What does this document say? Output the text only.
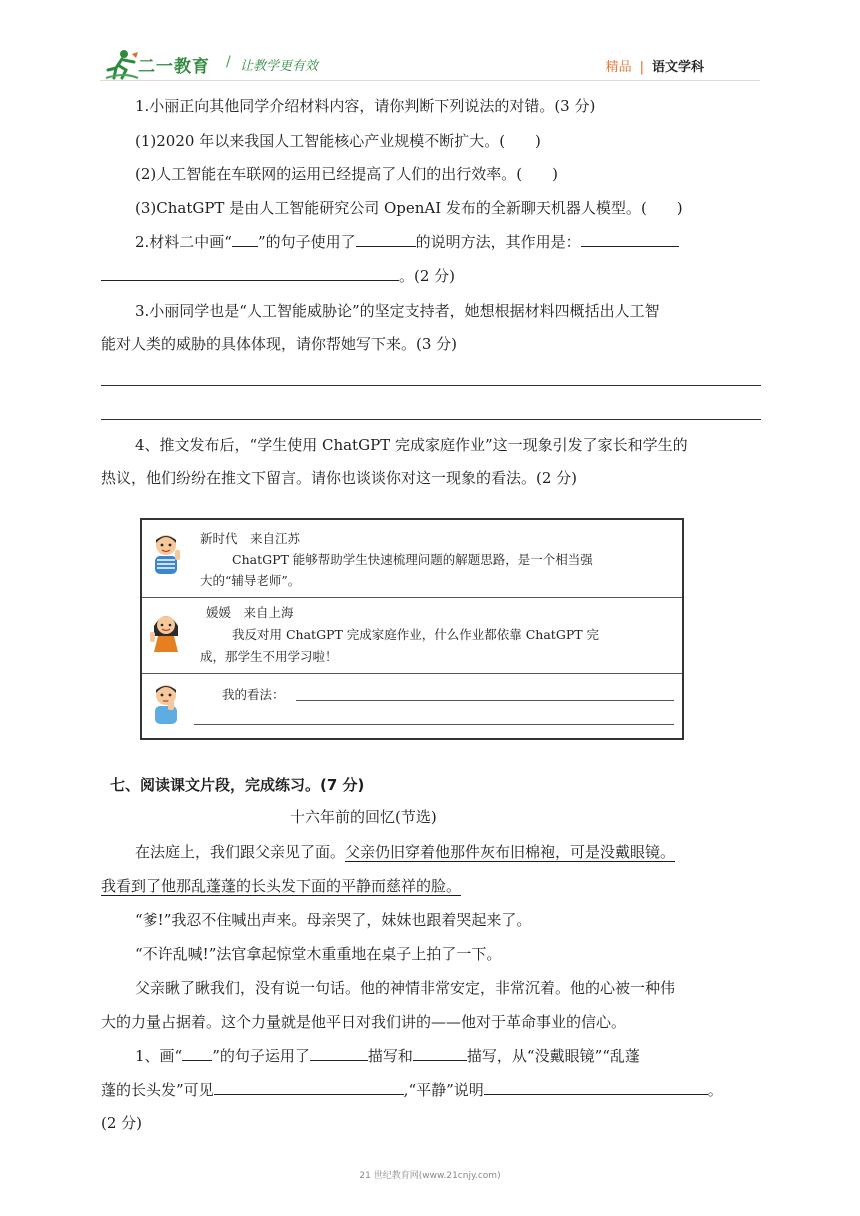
二一教育 / 让教学更有效	精品 | 语文学科
1.小丽正向其他同学介绍材料内容，请你判断下列说法的对错。(3 分)
(1)2020 年以来我国人工智能核心产业规模不断扩大。(　　)
(2)人工智能在车联网的运用已经提高了人们的出行效率。(　　)
(3)ChatGPT 是由人工智能研究公司 OpenAI 发布的全新聊天机器人模型。(　　)
2.材料二中画“ ”的句子使用了	的说明方法，其作用是：
。(2 分)
3.小丽同学也是“人工智能威胁论”的坚定支持者，她想根据材料四概括出人工智
能对人类的威胁的具体体现，请你帮她写下来。(3 分)
4、推文发布后，“学生使用 ChatGPT 完成家庭作业”这一现象引发了家长和学生的
热议，他们纷纷在推文下留言。请你也谈谈你对这一现象的看法。(2 分)
新时代　来自江苏
ChatGPT 能够帮助学生快速梳理问题的解题思路，是一个相当强
大的“辅导老师”。
媛媛　来自上海
我反对用 ChatGPT 完成家庭作业，什么作业都依靠 ChatGPT 完
成，那学生不用学习啦！
我的看法：
七、阅读课文片段，完成练习。(7 分)
十六年前的回忆(节选)
在法庭上，我们跟父亲见了面。父亲仍旧穿着他那件灰布旧棉袍，可是没戴眼镜。
我看到了他那乱蓬蓬的长头发下面的平静而慈祥的脸。
“爹!”我忍不住喊出声来。母亲哭了，妹妹也跟着哭起来了。
“不许乱喊!”法官拿起惊堂木重重地在桌子上拍了一下。
父亲瞅了瞅我们，没有说一句话。他的神情非常安定，非常沉着。他的心被一种伟
大的力量占据着。这个力量就是他平日对我们讲的——他对于革命事业的信心。
1、画“ ”的句子运用了	描写和	描写，从“没戴眼镜”“乱蓬
蓬的长头发”可见	,“平静”说明	。
(2 分)
21 世纪教育网(www.21cnjy.com)
